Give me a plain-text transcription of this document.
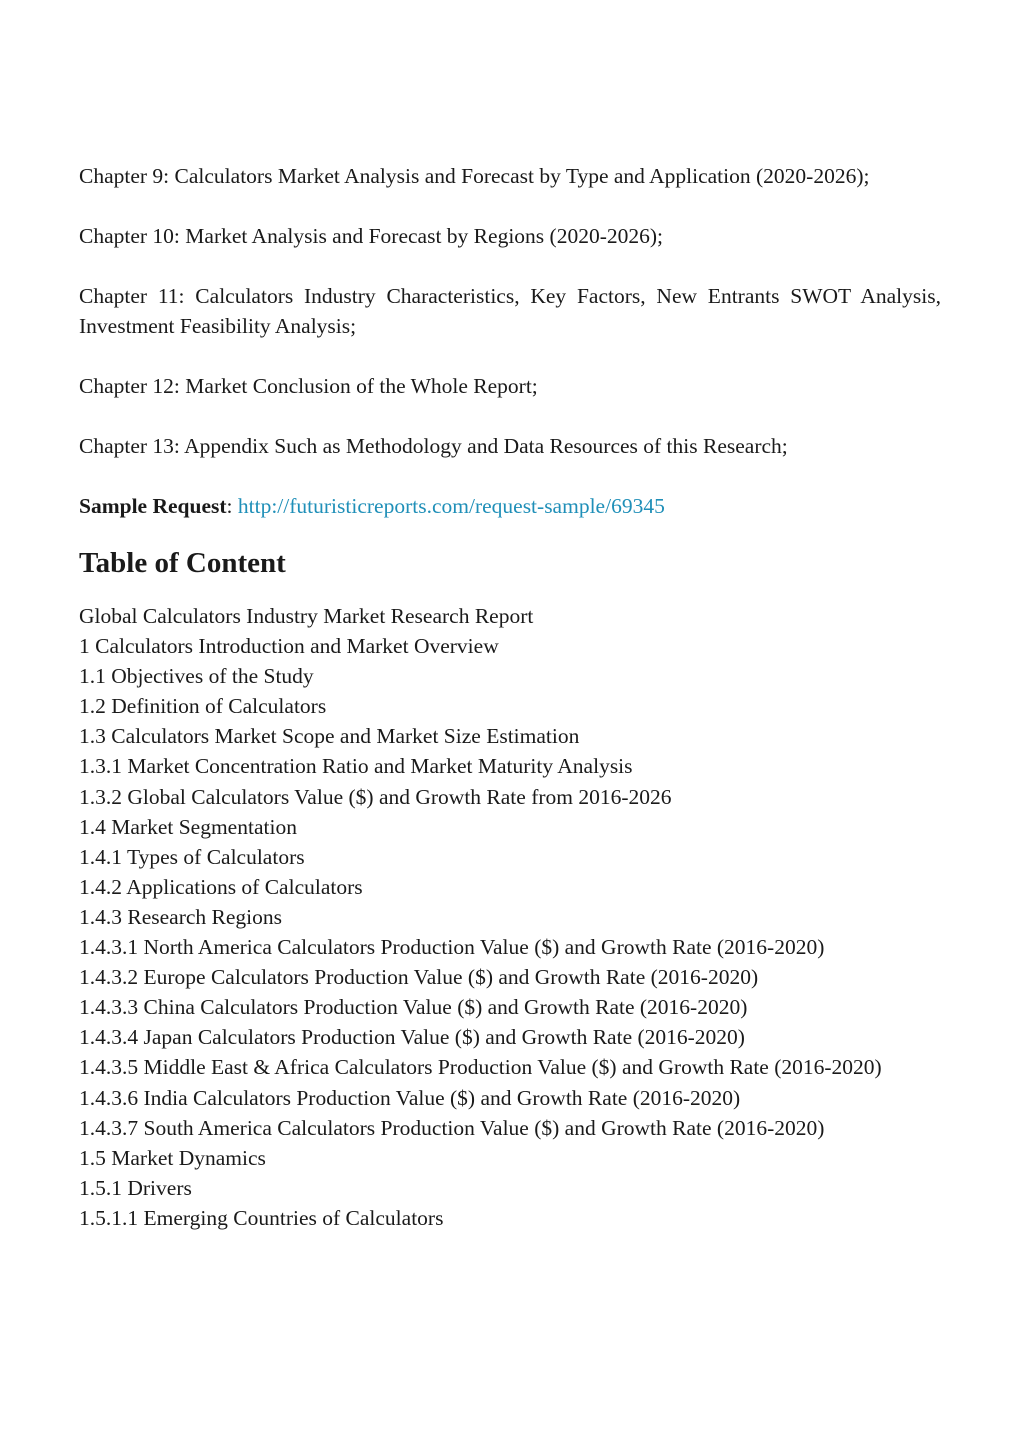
Chapter 9: Calculators Market Analysis and Forecast by Type and Application (2020-2026);

Chapter 10: Market Analysis and Forecast by Regions (2020-2026);

Chapter 11: Calculators Industry Characteristics, Key Factors, New Entrants SWOT Analysis, Investment Feasibility Analysis;

Chapter 12: Market Conclusion of the Whole Report;

Chapter 13: Appendix Such as Methodology and Data Resources of this Research;

Sample Request: http://futuristicreports.com/request-sample/69345

Table of Content
Global Calculators Industry Market Research Report
1 Calculators Introduction and Market Overview
1.1 Objectives of the Study
1.2 Definition of Calculators
1.3 Calculators Market Scope and Market Size Estimation
1.3.1 Market Concentration Ratio and Market Maturity Analysis
1.3.2 Global Calculators Value ($) and Growth Rate from 2016-2026
1.4 Market Segmentation
1.4.1 Types of Calculators
1.4.2 Applications of Calculators
1.4.3 Research Regions
1.4.3.1 North America Calculators Production Value ($) and Growth Rate (2016-2020)
1.4.3.2 Europe Calculators Production Value ($) and Growth Rate (2016-2020)
1.4.3.3 China Calculators Production Value ($) and Growth Rate (2016-2020)
1.4.3.4 Japan Calculators Production Value ($) and Growth Rate (2016-2020)
1.4.3.5 Middle East & Africa Calculators Production Value ($) and Growth Rate (2016-2020)
1.4.3.6 India Calculators Production Value ($) and Growth Rate (2016-2020)
1.4.3.7 South America Calculators Production Value ($) and Growth Rate (2016-2020)
1.5 Market Dynamics
1.5.1 Drivers
1.5.1.1 Emerging Countries of Calculators
